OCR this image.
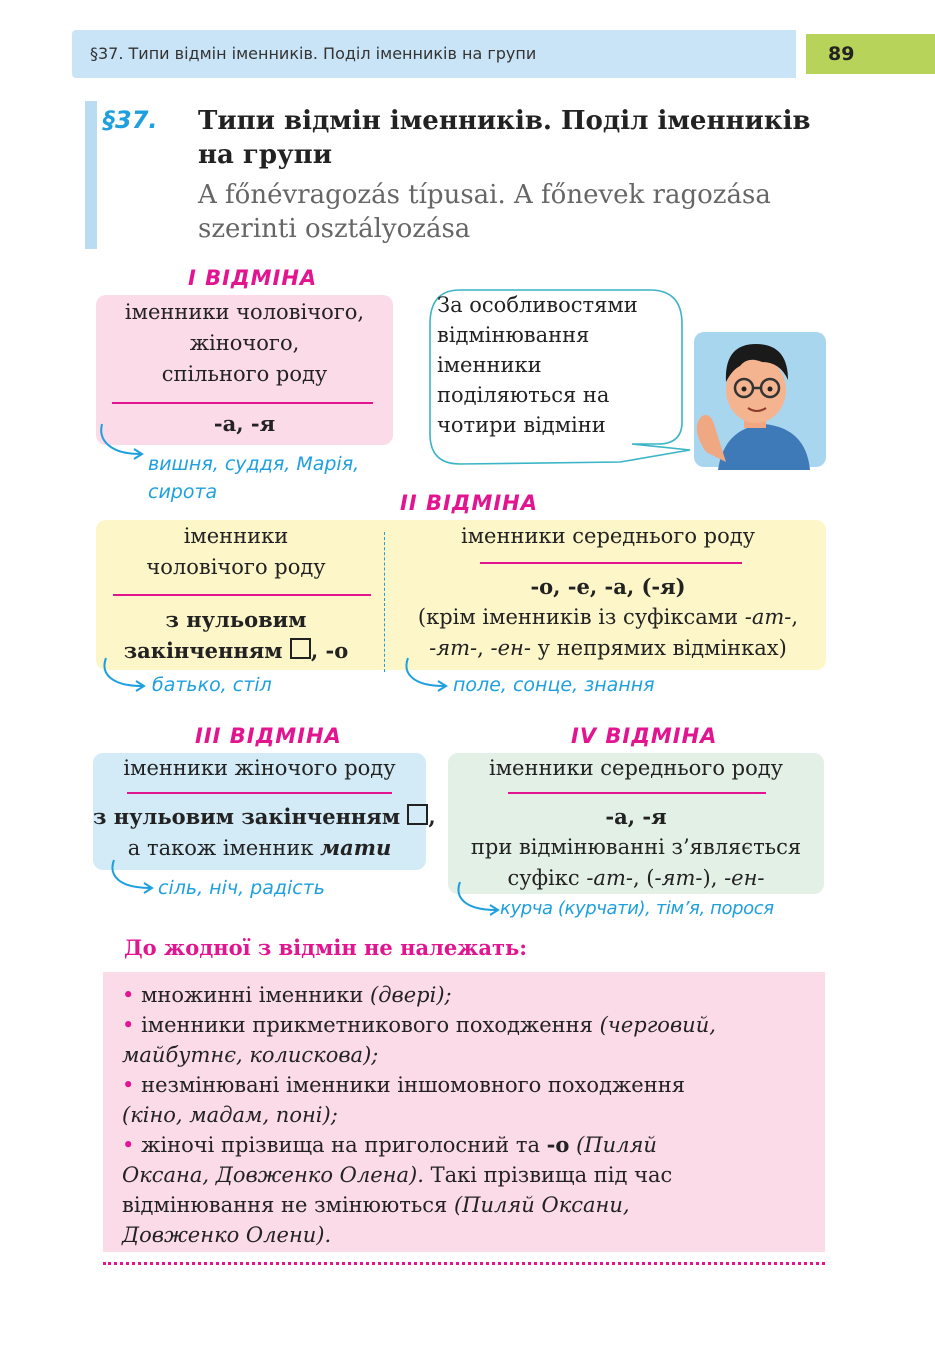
§37. Типи відмін іменників. Поділ іменників на групи	89
§37. Типи відмін іменників. Поділ іменників
на групи
A főnévragozás típusai. A főnevek ragozása
szerinti osztályozása
I ВІДМІНА
іменники чоловічого,
жіночого,
спільного роду
-а, -я
вишня, суддя, Марія,
сирота
За особливостями
відмінювання
іменники
поділяються на
чотири відміни
II ВІДМІНА
іменники
чоловічого роду
з нульовим
закінченням , -о
іменники середнього роду
-о, -е, -а, (-я)
(крім іменників із суфіксами -ат-,
-ят-, -ен- у непрямих відмінках)
батько, стіл	поле, сонце, знання
III ВІДМІНА
іменники жіночого роду
з нульовим закінченням ,
а також іменник мати
сіль, ніч, радість
IV ВІДМІНА
іменники середнього роду
-а, -я
при відмінюванні з’являється
суфікс -ат-, (-ят-), -ен-
курча (курчати), тім’я, порося
До жодної з відмін не належать:
• множинні іменники (двері);
• іменники прикметникового походження (черговий,
майбутнє, колискова);
• незмінювані іменники іншомовного походження
(кіно, мадам, поні);
• жіночі прізвища на приголосний та -о (Пиляй
Оксана, Довженко Олена). Такі прізвища під час
відмінювання не змінюються (Пиляй Оксани,
Довженко Олени).
